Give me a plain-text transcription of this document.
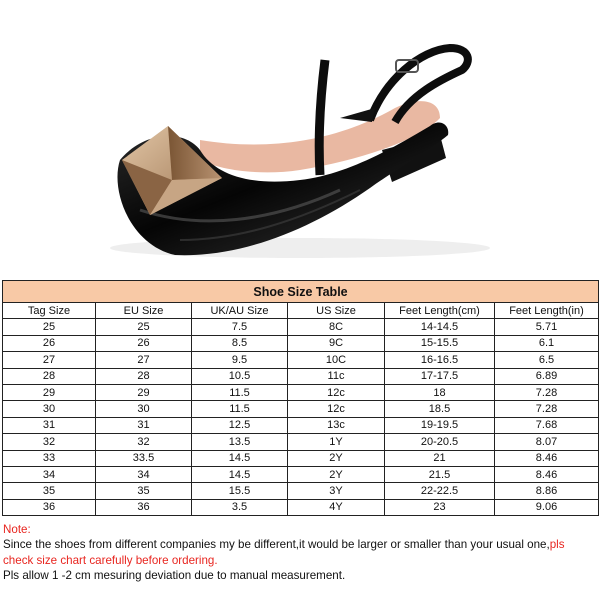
Shoe Size Table					
Tag Size	EU Size	UK/AU Size	US Size	Feet Length(cm)	Feet Length(in)
25	25	7.5	8C	14-14.5	5.71
26	26	8.5	9C	15-15.5	6.1
27	27	9.5	10C	16-16.5	6.5
28	28	10.5	11c	17-17.5	6.89
29	29	11.5	12c	18	7.28
30	30	11.5	12c	18.5	7.28
31	31	12.5	13c	19-19.5	7.68
32	32	13.5	1Y	20-20.5	8.07
33	33.5	14.5	2Y	21	8.46
34	34	14.5	2Y	21.5	8.46
35	35	15.5	3Y	22-22.5	8.86
36	36	3.5	4Y	23	9.06
Note:
Since the shoes from different companies my be different,it would be larger or smaller than your usual one,pls check size chart carefully before ordering.
Pls allow 1 -2 cm mesuring deviation due to manual measurement.
